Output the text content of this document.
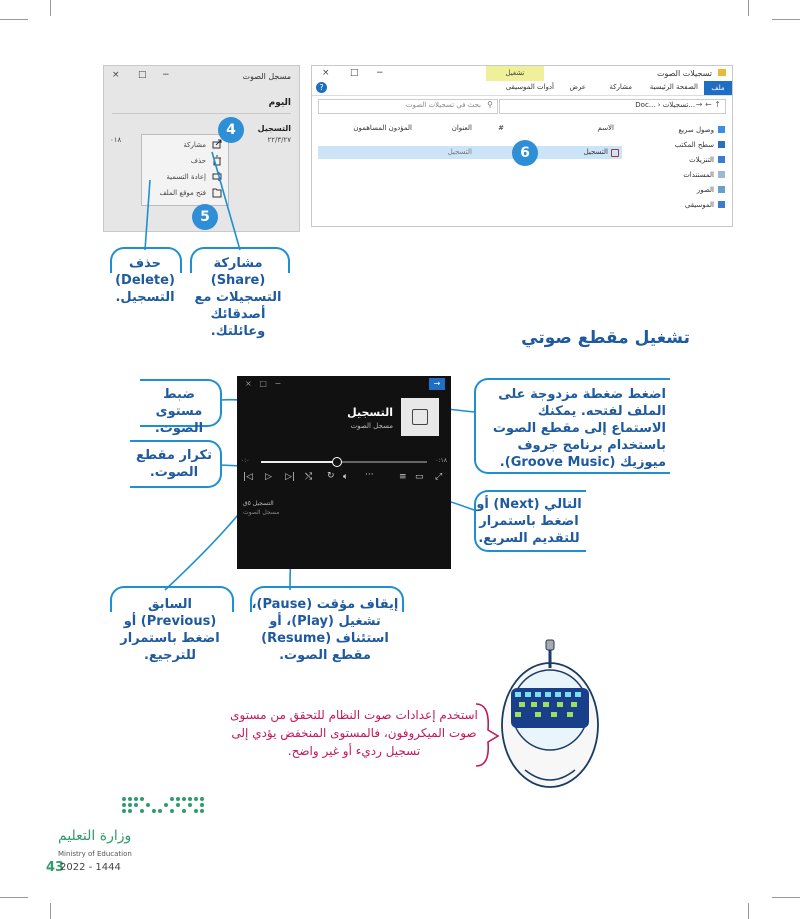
مسجل الصوت
× □ −
اليوم
التسجيل
٢٢/٣/٢٧
٠١٨
مشاركة
حذف
إعادة التسمية
فتح موقع الملف
4
5
تشغيل	تسجيلات الصوت
× □ −
ملف
الصفحة الرئيسية
مشاركة
عرض
أدوات الموسيقى
?
Doc... › تسجيلات... → ← ↑
بحث في تسجيلات الصوت ⚲
وصول سريع
سطح المكتب
التنزيلات
المستندات
الصور
الموسيقى
الاسم
#
العنوان
المؤدون المساهمون
التسجيل
التسجيل	6
حذف (Delete) التسجيل.
مشاركة (Share) التسجيلات مع أصدقائك وعائلتك.	تشغيل مقطع صوتي
×   □   −	→
التسجيل
مسجل الصوت
٠:٠	٠:١٨
|◁ ▷ ▷| ⤭ ↻ 🔈︎ ···	≡ ▭ ⤢
التسجيل ٥ق
مسجل الصوت
اضغط ضغطة مزدوجة على الملف لفتحه. يمكنك الاستماع إلى مقطع الصوت باستخدام برنامج جروف ميوزيك (Groove Music).
ضبط مستوى الصوت.
تكرار مقطع الصوت.
التالي (Next) أو اضغط باستمرار للتقديم السريع.
السابق (Previous) أو اضغط باستمرار للترجيع.
إيقاف مؤقت (Pause)، تشغيل (Play)، أو استئناف (Resume) مقطع الصوت.
استخدم إعدادات صوت النظام للتحقق من مستوى صوت الميكروفون، فالمستوى المنخفض يؤدي إلى تسجيل رديء أو غير واضح.
وزارة التعليم
Ministry of Education
43
2022 - 1444
